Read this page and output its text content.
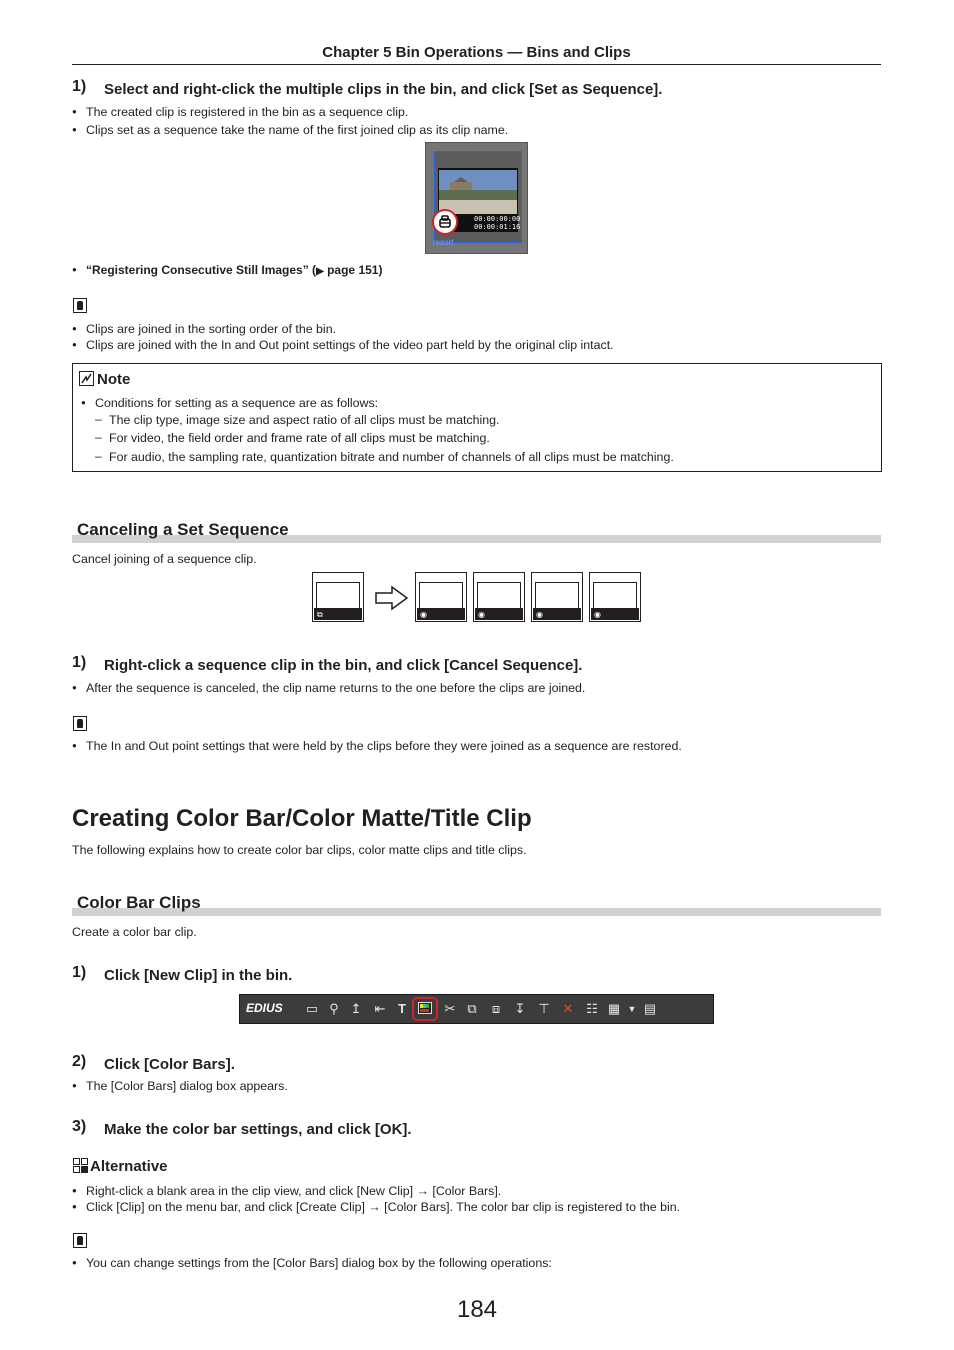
Chapter 5 Bin Operations — Bins and Clips
1) Select and right-click the multiple clips in the bin, and click [Set as Sequence].
● The created clip is registered in the bin as a sequence clip.
● Clips set as a sequence take the name of the first joined clip as its clip name.
00:00:00:00
00:00:01:16
resort
● “Registering Consecutive Still Images” (▶ page 151)
● Clips are joined in the sorting order of the bin.
● Clips are joined with the In and Out point settings of the video part held by the original clip intact.
Note
● Conditions for setting as a sequence are as follows:
– The clip type, image size and aspect ratio of all clips must be matching.
– For video, the field order and frame rate of all clips must be matching.
– For audio, the sampling rate, quantization bitrate and number of channels of all clips must be matching.
Canceling a Set Sequence
Cancel joining of a sequence clip.
⧉	◉	◉	◉	◉
1) Right-click a sequence clip in the bin, and click [Cancel Sequence].
● After the sequence is canceled, the clip name returns to the one before the clips are joined.
● The In and Out point settings that were held by the clips before they were joined as a sequence are restored.
Creating Color Bar/Color Matte/Title Clip
The following explains how to create color bar clips, color matte clips and title clips.
Color Bar Clips
Create a color bar clip.
1) Click [New Clip] in the bin.
EDIUS ▭ ⚲ ↥ ⇤ T	✂ ⧉ ⧈ ↧ ⊤ ✕ ☷ ▦ ▼ ▤
2) Click [Color Bars].
● The [Color Bars] dialog box appears.
3) Make the color bar settings, and click [OK].
Alternative
● Right-click a blank area in the clip view, and click [New Clip] → [Color Bars].
● Click [Clip] on the menu bar, and click [Create Clip] → [Color Bars]. The color bar clip is registered to the bin.
● You can change settings from the [Color Bars] dialog box by the following operations:
184
